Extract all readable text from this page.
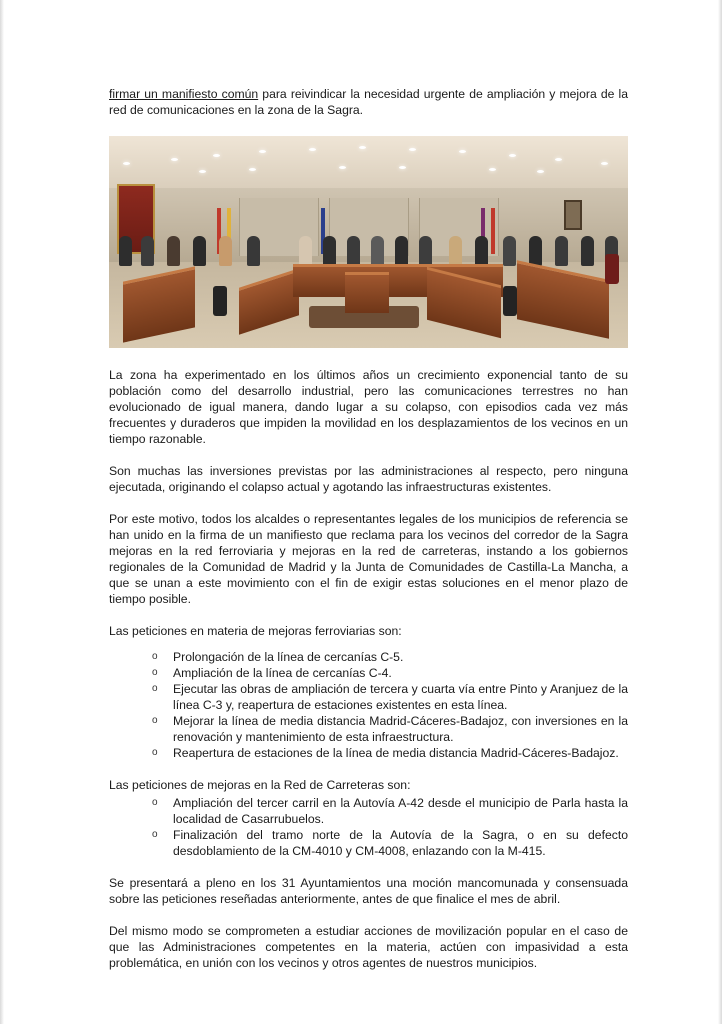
firmar un manifiesto común para reivindicar la necesidad urgente de ampliación y mejora de la red de comunicaciones en la zona de la Sagra.

La zona ha experimentado en los últimos años un crecimiento exponencial tanto de su población como del desarrollo industrial, pero las comunicaciones terrestres no han evolucionado de igual manera, dando lugar a su colapso, con episodios cada vez más frecuentes y duraderos que impiden la movilidad en los desplazamientos de los vecinos en un tiempo razonable.

Son muchas las inversiones previstas por las administraciones al respecto, pero ninguna ejecutada, originando el colapso actual y agotando las infraestructuras existentes.

Por este motivo, todos los alcaldes o representantes legales de los municipios de referencia se han unido en la firma de un manifiesto que reclama para los vecinos del corredor de la Sagra mejoras en la red ferroviaria y mejoras en la red de carreteras, instando a los gobiernos regionales de la Comunidad de Madrid y la Junta de Comunidades de Castilla-La Mancha, a que se unan a este movimiento con el fin de exigir estas soluciones en el menor plazo de tiempo posible.

Las peticiones en materia de mejoras ferroviarias son:

o Prolongación de la línea de cercanías C-5.
o Ampliación de la línea de cercanías C-4.
o Ejecutar las obras de ampliación de tercera y cuarta vía entre Pinto y Aranjuez de la línea C-3 y, reapertura de estaciones existentes en esta línea.
o Mejorar la línea de media distancia Madrid-Cáceres-Badajoz, con inversiones en la renovación y mantenimiento de esta infraestructura.
o Reapertura de estaciones de la línea de media distancia Madrid-Cáceres-Badajoz.

Las peticiones de mejoras en la Red de Carreteras son:

o Ampliación del tercer carril en la Autovía A-42 desde el municipio de Parla hasta la localidad de Casarrubuelos.
o Finalización del tramo norte de la Autovía de la Sagra, o en su defecto desdoblamiento de la CM-4010 y CM-4008, enlazando con la M-415.

Se presentará a pleno en los 31 Ayuntamientos una moción mancomunada y consensuada sobre las peticiones reseñadas anteriormente, antes de que finalice el mes de abril.

Del mismo modo se comprometen a estudiar acciones de movilización popular en el caso de que las Administraciones competentes en la materia, actúen con impasividad a esta problemática, en unión con los vecinos y otros agentes de nuestros municipios.
